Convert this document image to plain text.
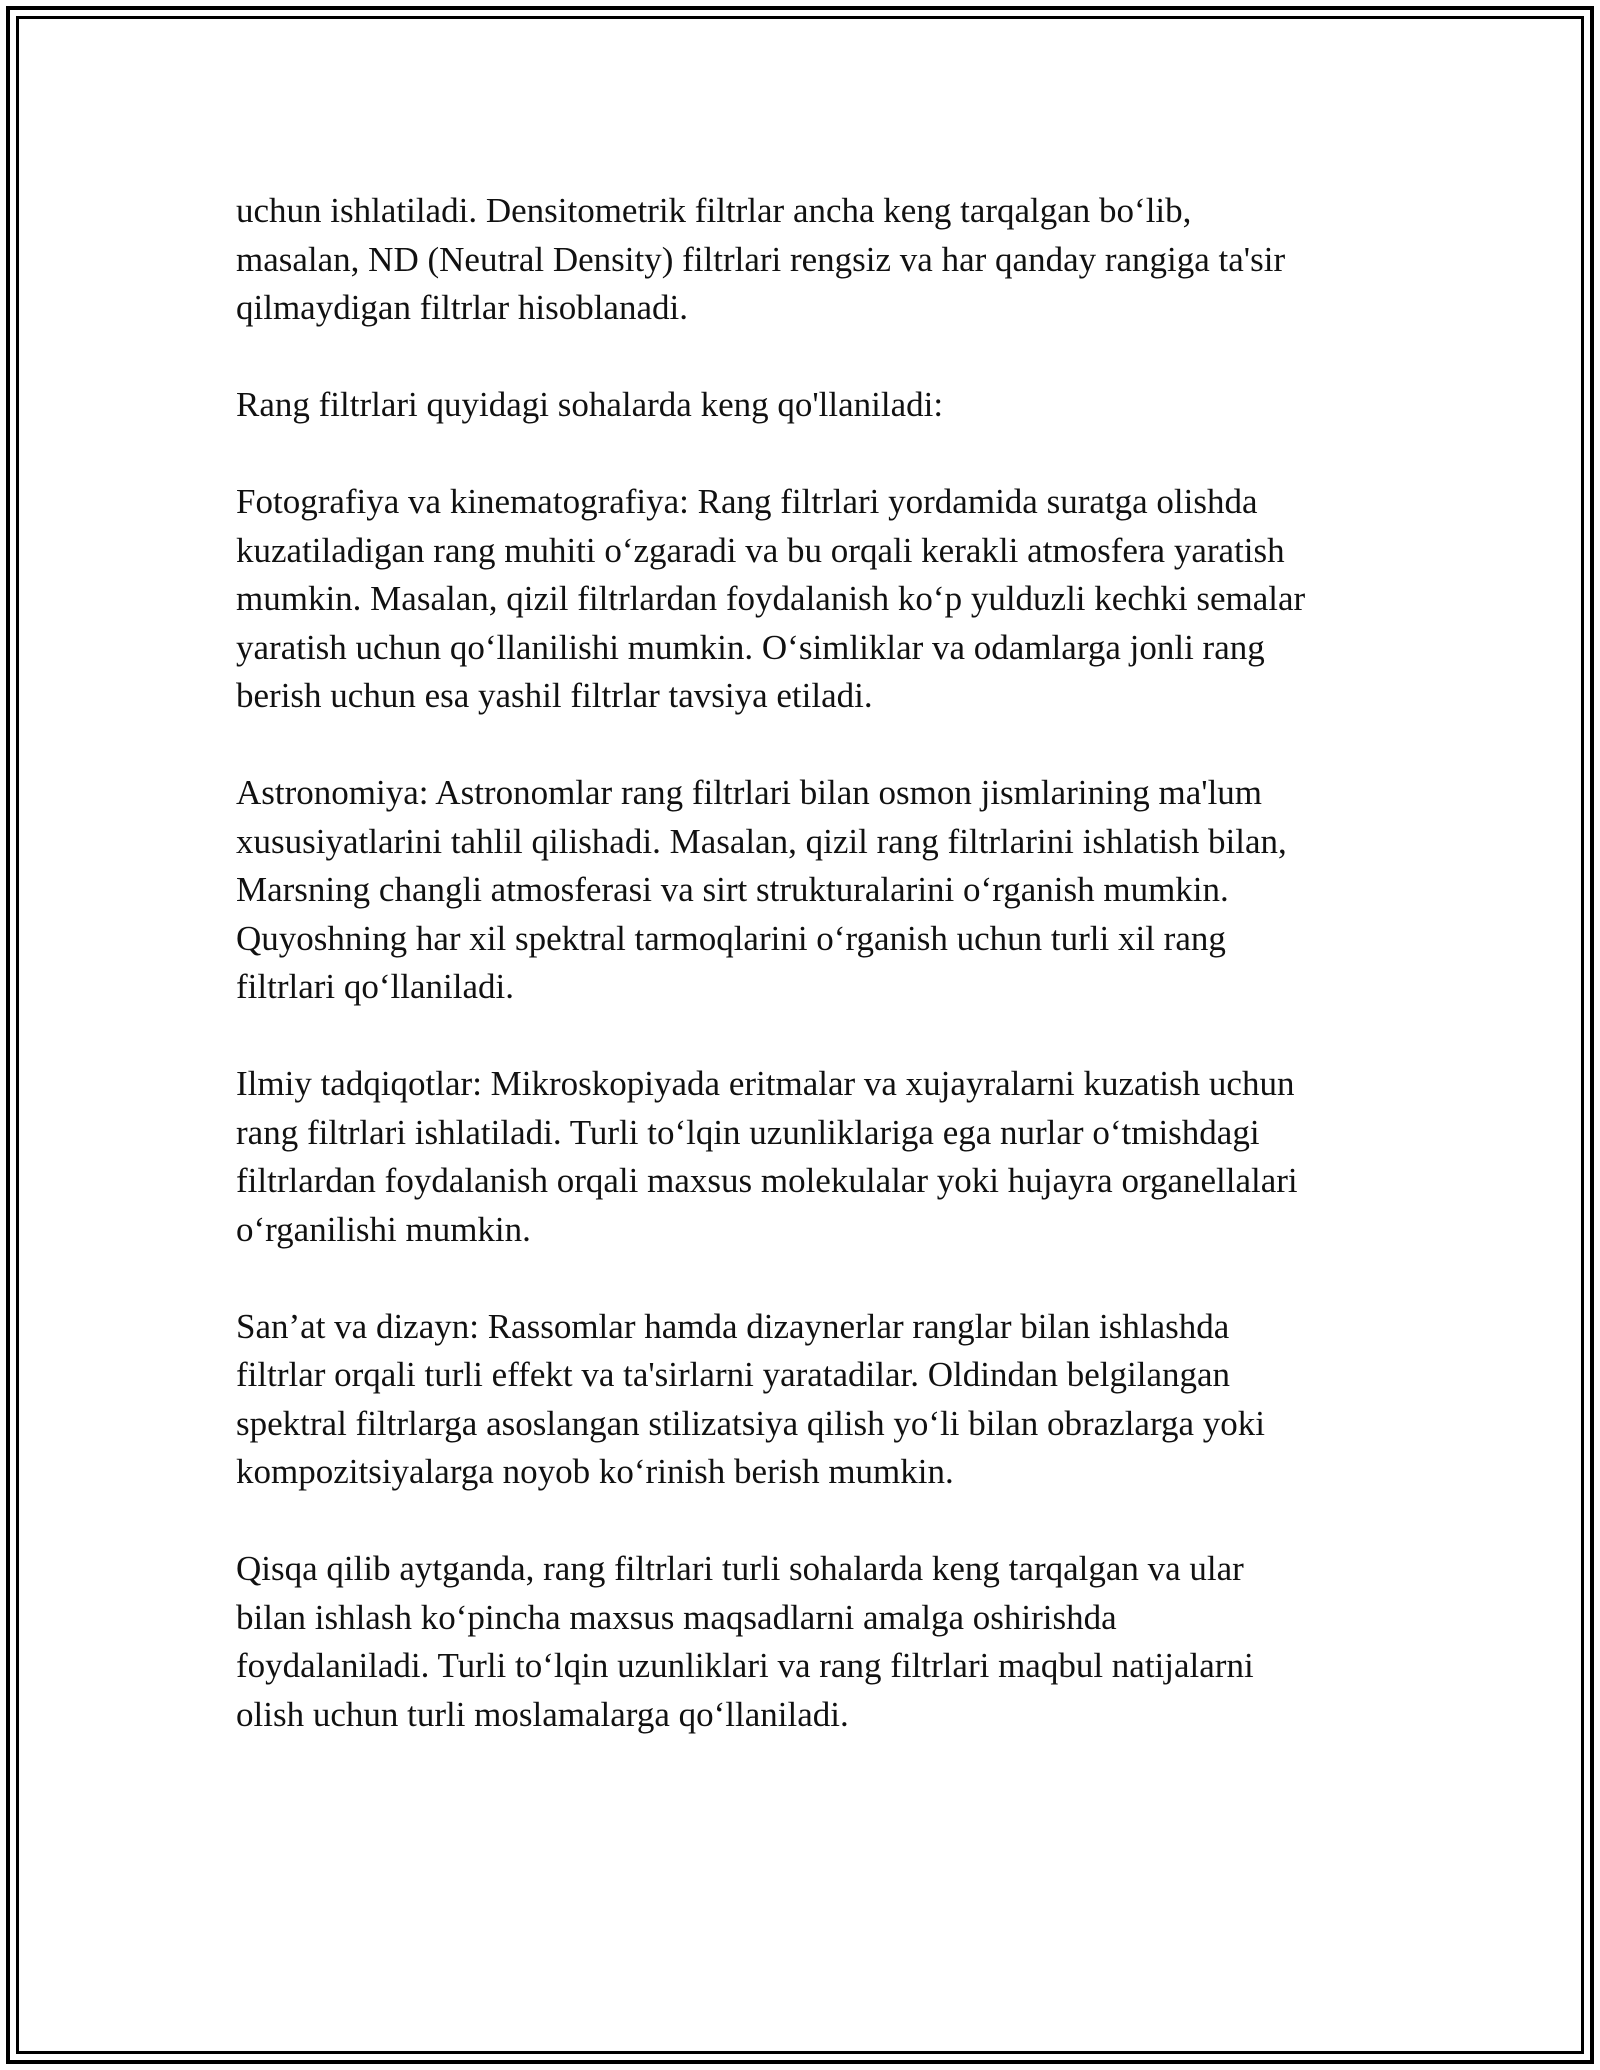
uchun ishlatiladi. Densitometrik filtrlar ancha keng tarqalgan bo‘lib,
masalan, ND (Neutral Density) filtrlari rengsiz va har qanday rangiga ta'sir
qilmaydigan filtrlar hisoblanadi.

Rang filtrlari quyidagi sohalarda keng qo'llaniladi:

Fotografiya va kinematografiya: Rang filtrlari yordamida suratga olishda
kuzatiladigan rang muhiti o‘zgaradi va bu orqali kerakli atmosfera yaratish
mumkin. Masalan, qizil filtrlardan foydalanish ko‘p yulduzli kechki semalar
yaratish uchun qo‘llanilishi mumkin. O‘simliklar va odamlarga jonli rang
berish uchun esa yashil filtrlar tavsiya etiladi.

Astronomiya: Astronomlar rang filtrlari bilan osmon jismlarining ma'lum
xususiyatlarini tahlil qilishadi. Masalan, qizil rang filtrlarini ishlatish bilan,
Marsning changli atmosferasi va sirt strukturalarini o‘rganish mumkin.
Quyoshning har xil spektral tarmoqlarini o‘rganish uchun turli xil rang
filtrlari qo‘llaniladi.

Ilmiy tadqiqotlar: Mikroskopiyada eritmalar va xujayralarni kuzatish uchun
rang filtrlari ishlatiladi. Turli to‘lqin uzunliklariga ega nurlar o‘tmishdagi
filtrlardan foydalanish orqali maxsus molekulalar yoki hujayra organellalari
o‘rganilishi mumkin.

San’at va dizayn: Rassomlar hamda dizaynerlar ranglar bilan ishlashda
filtrlar orqali turli effekt va ta'sirlarni yaratadilar. Oldindan belgilangan
spektral filtrlarga asoslangan stilizatsiya qilish yo‘li bilan obrazlarga yoki
kompozitsiyalarga noyob ko‘rinish berish mumkin.

Qisqa qilib aytganda, rang filtrlari turli sohalarda keng tarqalgan va ular
bilan ishlash ko‘pincha maxsus maqsadlarni amalga oshirishda
foydalaniladi. Turli to‘lqin uzunliklari va rang filtrlari maqbul natijalarni
olish uchun turli moslamalarga qo‘llaniladi.
